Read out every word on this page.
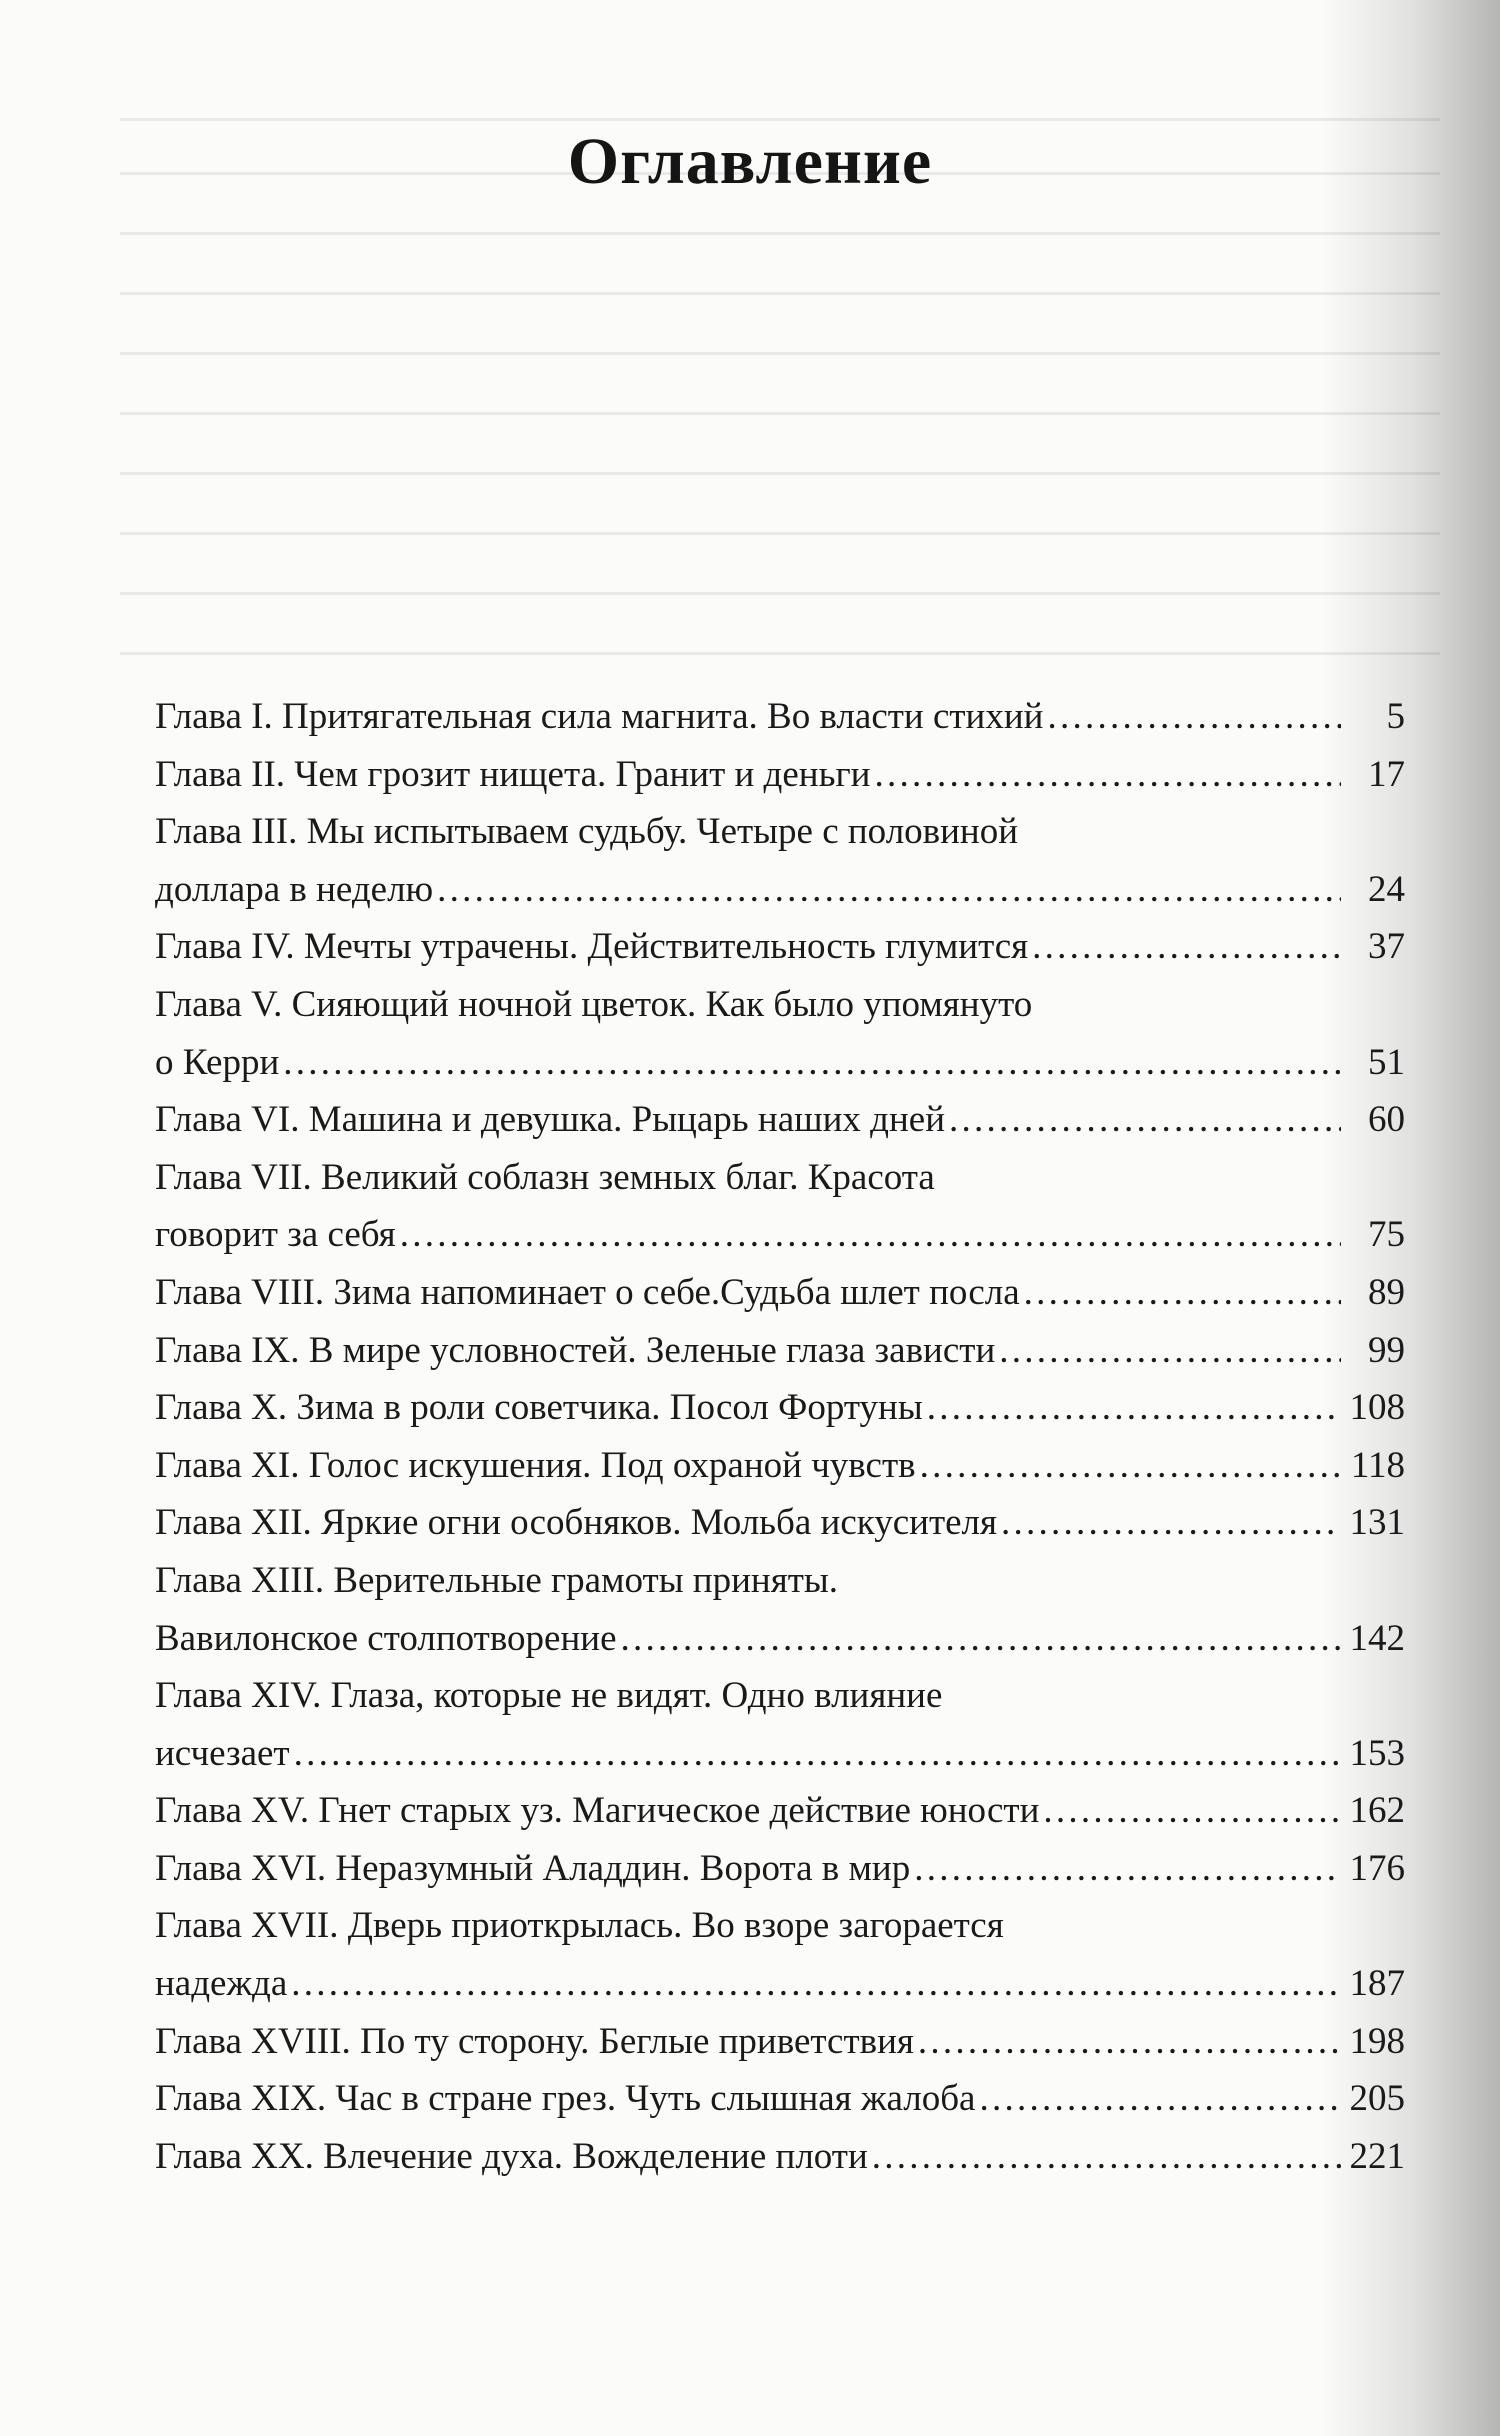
Оглавление
Глава I. Притягательная сила магнита. Во власти стихий . . .	5
Глава II. Чем грозит нищета. Гранит и деньги . . .	17
Глава III. Мы испытываем судьбу. Четыре с половиной
доллара в неделю . . .	24
Глава IV. Мечты утрачены. Действительность глумится . . .	37
Глава V. Сияющий ночной цветок. Как было упомянуто
о Керри . . .	51
Глава VI. Машина и девушка. Рыцарь наших дней . . .	60
Глава VII. Великий соблазн земных благ. Красота
говорит за себя . . .	75
Глава VIII. Зима напоминает о себе.Судьба шлет посла . . .	89
Глава IX. В мире условностей. Зеленые глаза зависти . . .	99
Глава X. Зима в роли советчика. Посол Фортуны . . .	108
Глава XI. Голос искушения. Под охраной чувств . . .	118
Глава XII. Яркие огни особняков. Мольба искусителя . . .	131
Глава XIII. Верительные грамоты приняты.
Вавилонское столпотворение . . .	142
Глава XIV. Глаза, которые не видят. Одно влияние
исчезает . . .	153
Глава XV. Гнет старых уз. Магическое действие юности . . .	162
Глава XVI. Неразумный Аладдин. Ворота в мир . . .	176
Глава XVII. Дверь приоткрылась. Во взоре загорается
надежда . . .	187
Глава XVIII. По ту сторону. Беглые приветствия . . .	198
Глава XIX. Час в стране грез. Чуть слышная жалоба . . .	205
Глава XX. Влечение духа. Вожделение плоти . . .	221
